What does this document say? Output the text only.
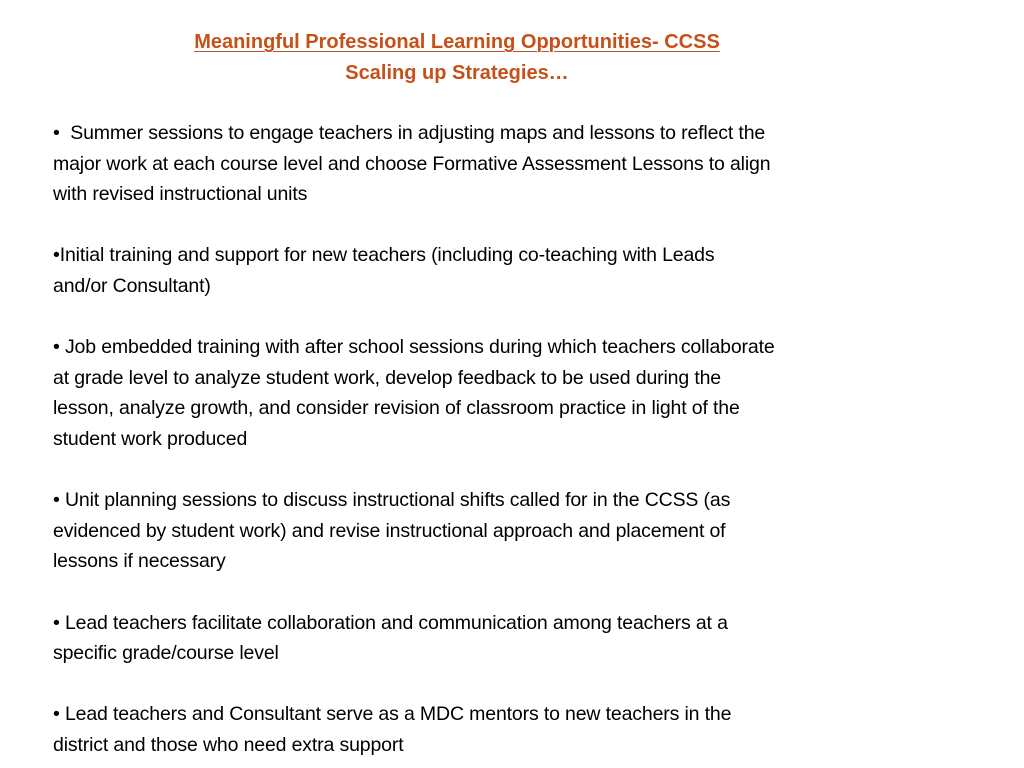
Meaningful Professional Learning Opportunities- CCSS
Scaling up Strategies…
•  Summer sessions to engage teachers in adjusting maps and lessons to reflect the
major work at each course level and choose Formative Assessment Lessons to align
with revised instructional units
•Initial training and support for new teachers (including co-teaching with Leads
and/or Consultant)
• Job embedded training with after school sessions during which teachers collaborate
at grade level to analyze student work, develop feedback to be used during the
lesson, analyze growth, and consider revision of classroom practice in light of the
student work produced
• Unit planning sessions to discuss instructional shifts called for in the CCSS (as
evidenced by student work) and revise instructional approach and placement of
lessons if necessary
• Lead teachers facilitate collaboration and communication among teachers at a
specific grade/course level
• Lead teachers and Consultant serve as a MDC mentors to new teachers in the
district and those who need extra support
